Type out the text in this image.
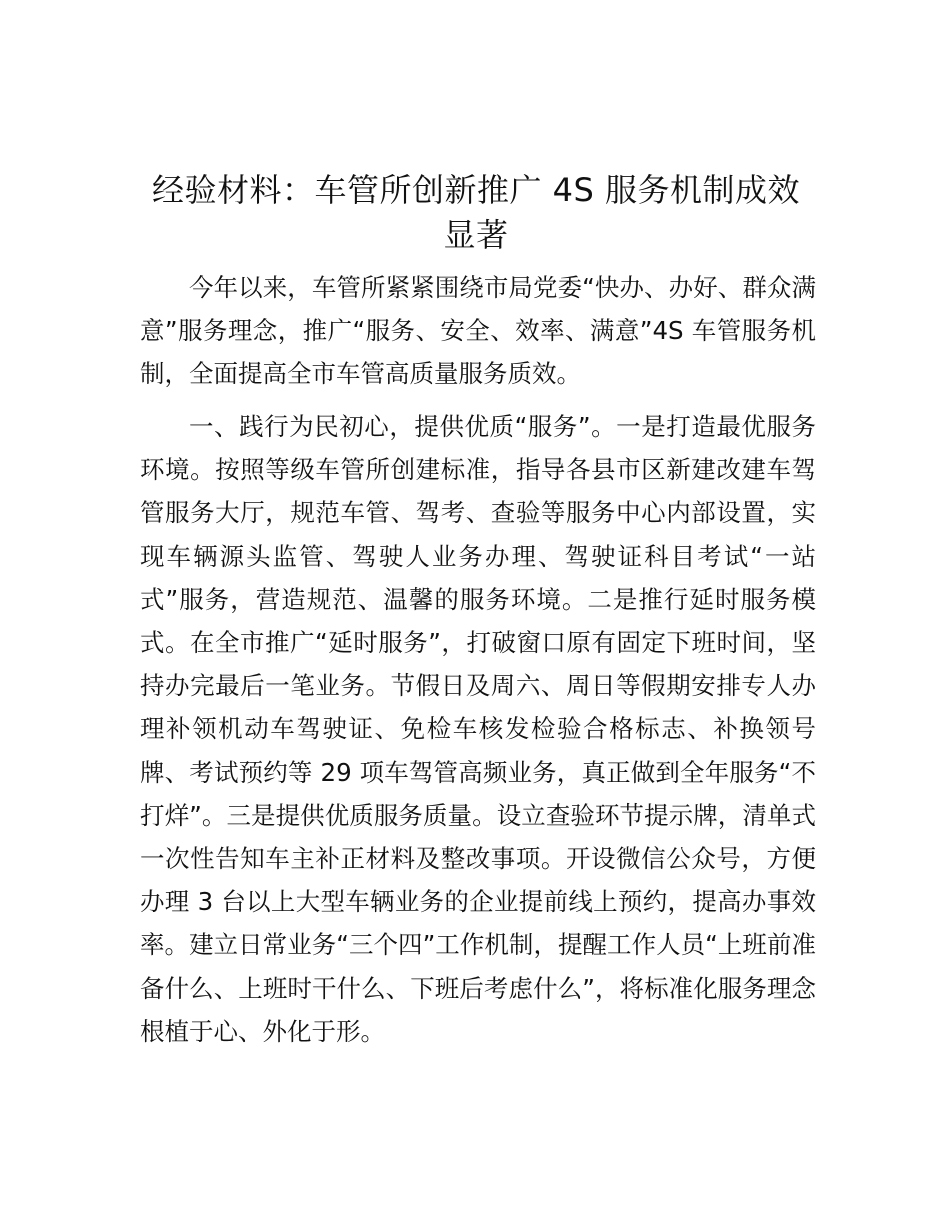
经验材料：车管所创新推广 4S 服务机制成效显著

今年以来，车管所紧紧围绕市局党委“快办、办好、群众满意”服务理念，推广“服务、安全、效率、满意”4S 车管服务机制，全面提高全市车管高质量服务质效。

一、践行为民初心，提供优质“服务”。一是打造最优服务环境。按照等级车管所创建标准，指导各县市区新建改建车驾管服务大厅，规范车管、驾考、查验等服务中心内部设置，实现车辆源头监管、驾驶人业务办理、驾驶证科目考试“一站式”服务，营造规范、温馨的服务环境。二是推行延时服务模式。在全市推广“延时服务”，打破窗口原有固定下班时间，坚持办完最后一笔业务。节假日及周六、周日等假期安排专人办理补领机动车驾驶证、免检车核发检验合格标志、补换领号牌、考试预约等 29 项车驾管高频业务，真正做到全年服务“不打烊”。三是提供优质服务质量。设立查验环节提示牌，清单式一次性告知车主补正材料及整改事项。开设微信公众号，方便办理 3 台以上大型车辆业务的企业提前线上预约，提高办事效率。建立日常业务“三个四”工作机制，提醒工作人员“上班前准备什么、上班时干什么、下班后考虑什么”，将标准化服务理念根植于心、外化于形。
